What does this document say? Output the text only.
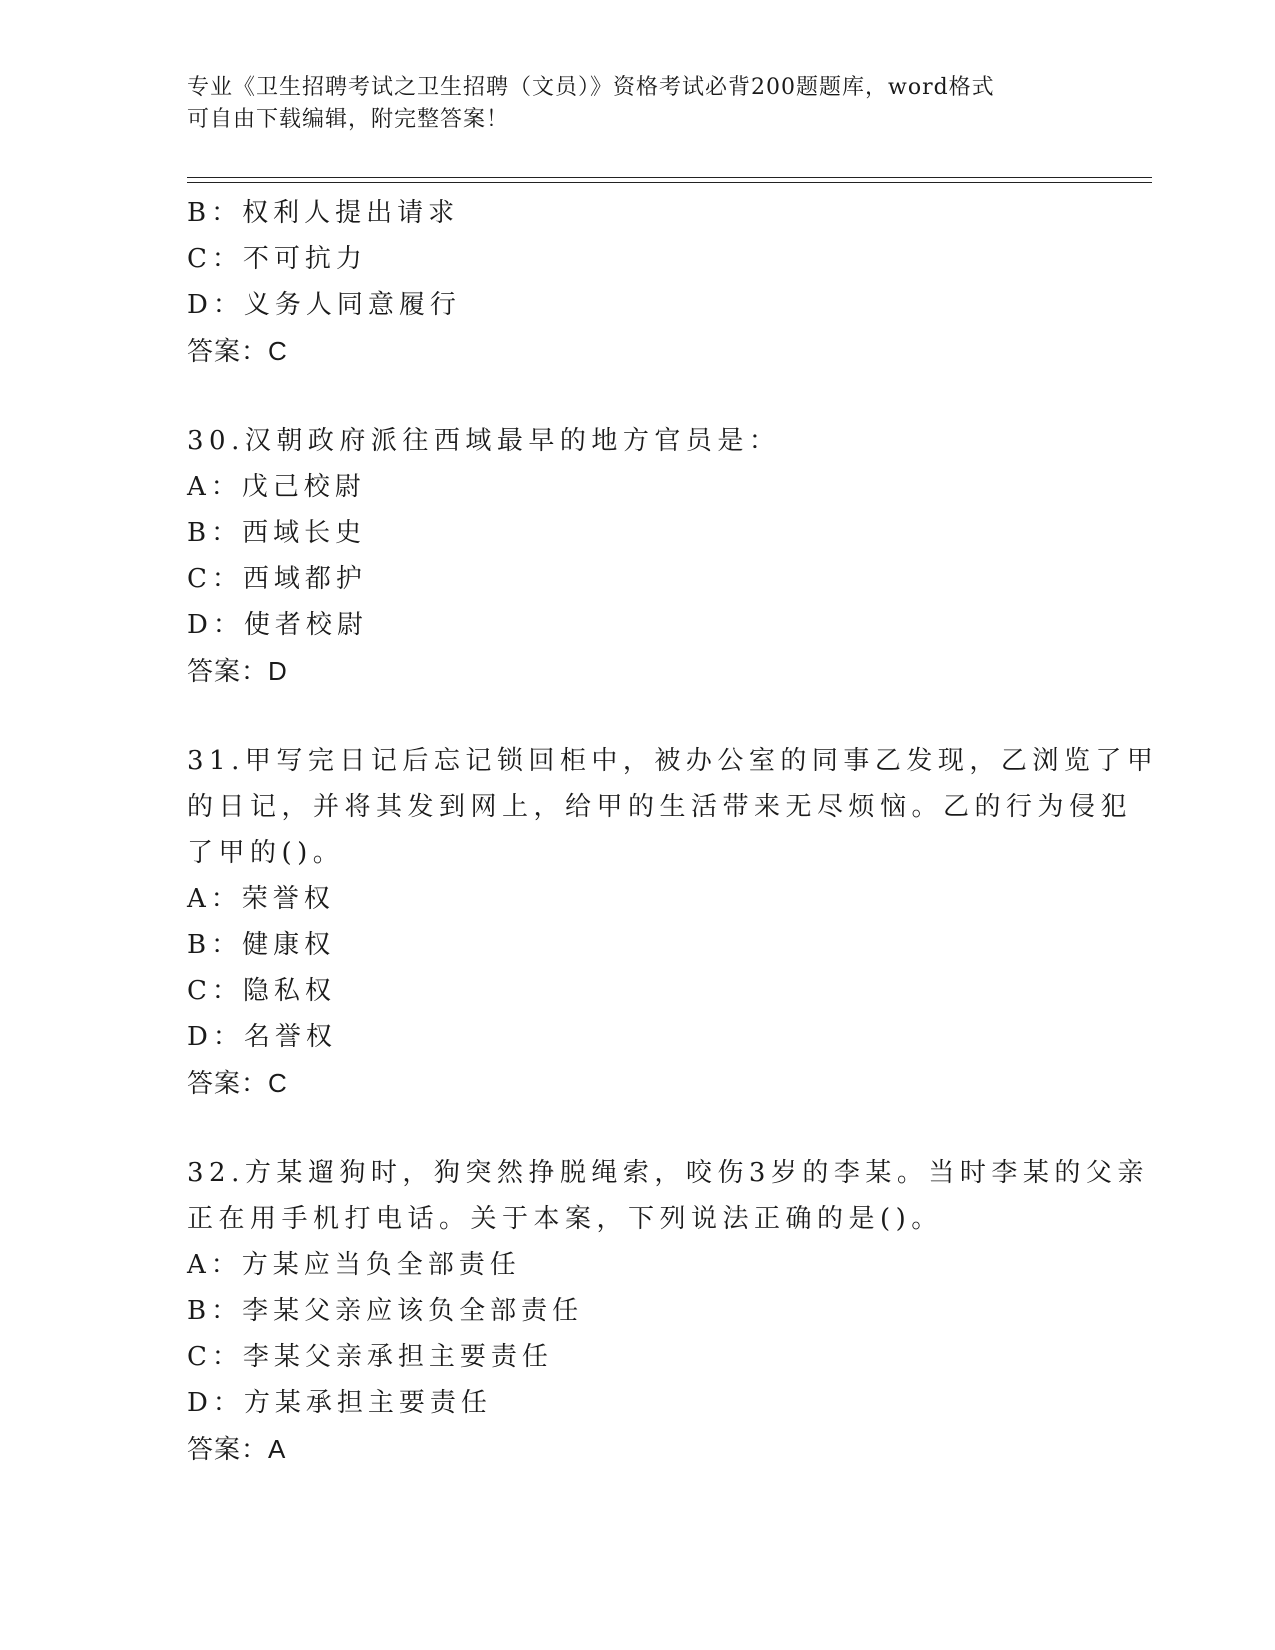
专业《卫生招聘考试之卫生招聘（文员）》资格考试必背200题题库，word格式
可自由下载编辑，附完整答案！
B：权利人提出请求
C：不可抗力
D：义务人同意履行
答案：C
30.汉朝政府派往西域最早的地方官员是：
A：戊己校尉
B：西域长史
C：西域都护
D：使者校尉
答案：D
31.甲写完日记后忘记锁回柜中，被办公室的同事乙发现，乙浏览了甲
的日记，并将其发到网上，给甲的生活带来无尽烦恼。乙的行为侵犯
了甲的()。
A：荣誉权
B：健康权
C：隐私权
D：名誉权
答案：C
32.方某遛狗时，狗突然挣脱绳索，咬伤3岁的李某。当时李某的父亲
正在用手机打电话。关于本案，下列说法正确的是()。
A：方某应当负全部责任
B：李某父亲应该负全部责任
C：李某父亲承担主要责任
D：方某承担主要责任
答案：A
